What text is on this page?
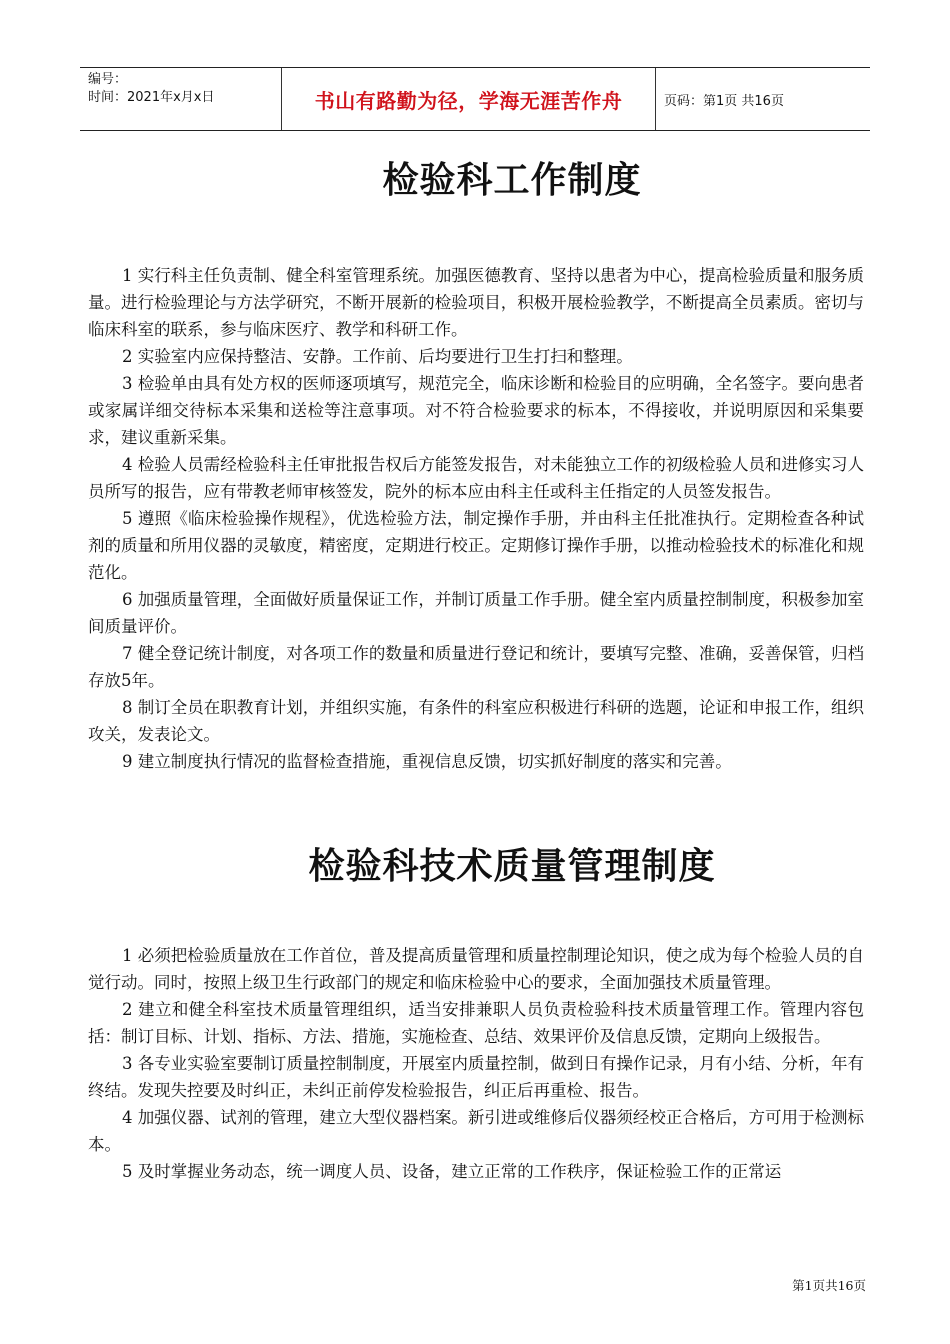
编号：
时间：2021年x月x日	书山有路勤为径，学海无涯苦作舟	页码：第1页 共16页
检验科工作制度

1 实行科主任负责制、健全科室管理系统。加强医德教育、坚持以患者为中心，提高检验质量和服务质量。进行检验理论与方法学研究，不断开展新的检验项目，积极开展检验教学，不断提高全员素质。密切与临床科室的联系，参与临床医疗、教学和科研工作。

2 实验室内应保持整洁、安静。工作前、后均要进行卫生打扫和整理。

3 检验单由具有处方权的医师逐项填写，规范完全，临床诊断和检验目的应明确，全名签字。要向患者或家属详细交待标本采集和送检等注意事项。对不符合检验要求的标本，不得接收，并说明原因和采集要求，建议重新采集。

4 检验人员需经检验科主任审批报告权后方能签发报告，对未能独立工作的初级检验人员和进修实习人员所写的报告，应有带教老师审核签发，院外的标本应由科主任或科主任指定的人员签发报告。

5 遵照《临床检验操作规程》，优选检验方法，制定操作手册，并由科主任批准执行。定期检查各种试剂的质量和所用仪器的灵敏度，精密度，定期进行校正。定期修订操作手册，以推动检验技术的标准化和规范化。

6 加强质量管理，全面做好质量保证工作，并制订质量工作手册。健全室内质量控制制度，积极参加室间质量评价。

7 健全登记统计制度，对各项工作的数量和质量进行登记和统计，要填写完整、准确，妥善保管，归档存放5年。

8 制订全员在职教育计划，并组织实施，有条件的科室应积极进行科研的选题，论证和申报工作，组织攻关，发表论文。

9 建立制度执行情况的监督检查措施，重视信息反馈，切实抓好制度的落实和完善。

检验科技术质量管理制度

1 必须把检验质量放在工作首位，普及提高质量管理和质量控制理论知识，使之成为每个检验人员的自觉行动。同时，按照上级卫生行政部门的规定和临床检验中心的要求，全面加强技术质量管理。

2 建立和健全科室技术质量管理组织，适当安排兼职人员负责检验科技术质量管理工作。管理内容包括：制订目标、计划、指标、方法、措施，实施检查、总结、效果评价及信息反馈，定期向上级报告。

3 各专业实验室要制订质量控制制度，开展室内质量控制，做到日有操作记录，月有小结、分析，年有终结。发现失控要及时纠正，未纠正前停发检验报告，纠正后再重检、报告。

4 加强仪器、试剂的管理，建立大型仪器档案。新引进或维修后仪器须经校正合格后，方可用于检测标本。

5 及时掌握业务动态，统一调度人员、设备，建立正常的工作秩序，保证检验工作的正常运

第1页共16页
